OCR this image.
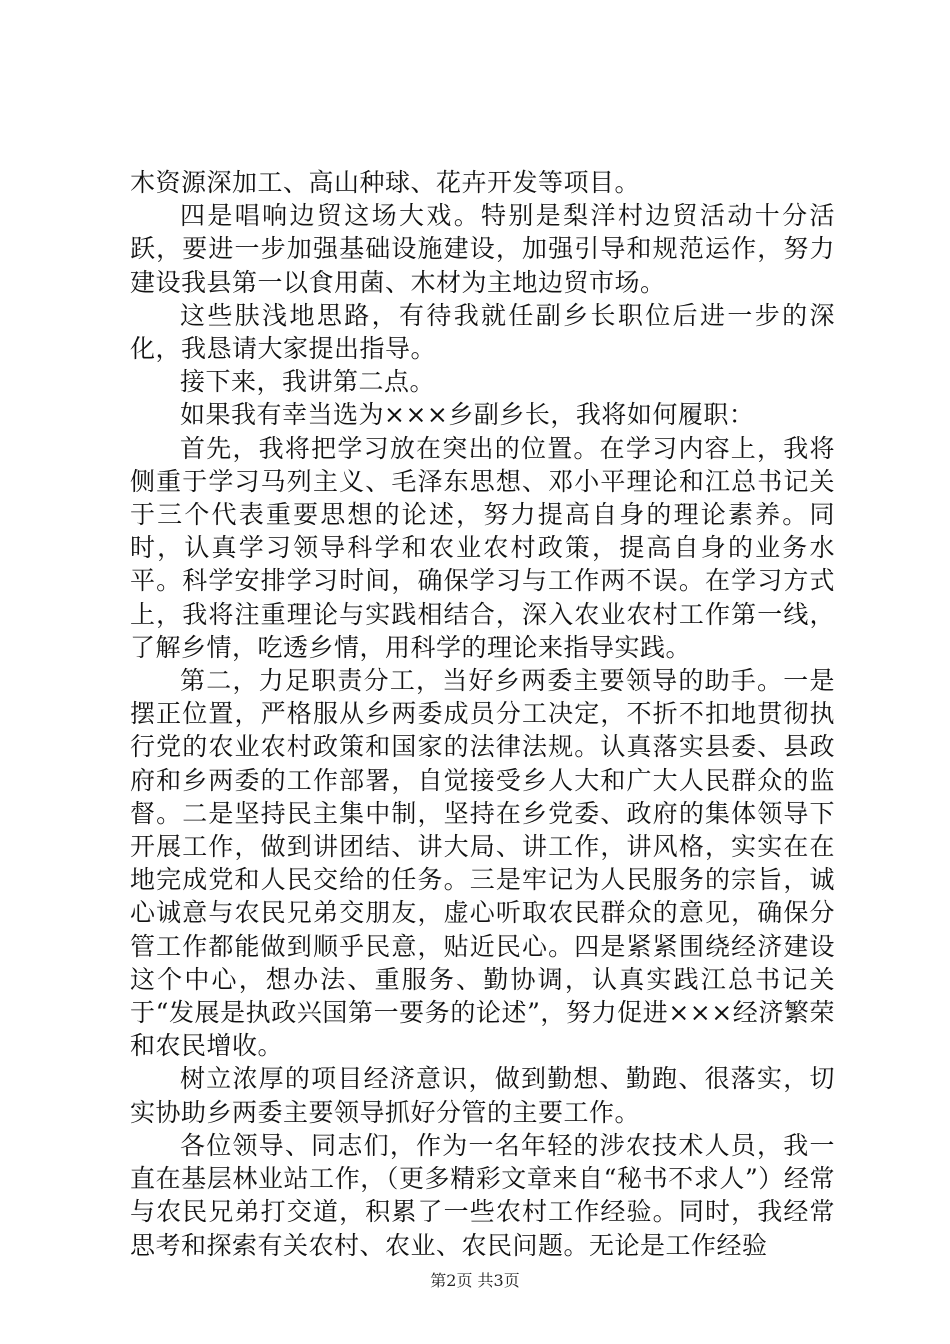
木资源深加工、高山种球、花卉开发等项目。

四是唱响边贸这场大戏。特别是梨洋村边贸活动十分活跃，要进一步加强基础设施建设，加强引导和规范运作，努力建设我县第一以食用菌、木材为主地边贸市场。

这些肤浅地思路，有待我就任副乡长职位后进一步的深化，我恳请大家提出指导。

接下来，我讲第二点。

如果我有幸当选为×××乡副乡长，我将如何履职：

首先，我将把学习放在突出的位置。在学习内容上，我将侧重于学习马列主义、毛泽东思想、邓小平理论和江总书记关于三个代表重要思想的论述，努力提高自身的理论素养。同时，认真学习领导科学和农业农村政策，提高自身的业务水平。科学安排学习时间，确保学习与工作两不误。在学习方式上，我将注重理论与实践相结合，深入农业农村工作第一线，了解乡情，吃透乡情，用科学的理论来指导实践。

第二，力足职责分工，当好乡两委主要领导的助手。一是摆正位置，严格服从乡两委成员分工决定，不折不扣地贯彻执行党的农业农村政策和国家的法律法规。认真落实县委、县政府和乡两委的工作部署，自觉接受乡人大和广大人民群众的监督。二是坚持民主集中制，坚持在乡党委、政府的集体领导下开展工作，做到讲团结、讲大局、讲工作，讲风格，实实在在地完成党和人民交给的任务。三是牢记为人民服务的宗旨，诚心诚意与农民兄弟交朋友，虚心听取农民群众的意见，确保分管工作都能做到顺乎民意，贴近民心。四是紧紧围绕经济建设这个中心，想办法、重服务、勤协调，认真实践江总书记关于“发展是执政兴国第一要务的论述”，努力促进×××经济繁荣和农民增收。

树立浓厚的项目经济意识，做到勤想、勤跑、很落实，切实协助乡两委主要领导抓好分管的主要工作。

各位领导、同志们，作为一名年轻的涉农技术人员，我一直在基层林业站工作，（更多精彩文章来自“秘书不求人”）经常与农民兄弟打交道，积累了一些农村工作经验。同时，我经常思考和探索有关农村、农业、农民问题。无论是工作经验

第2页 共3页
